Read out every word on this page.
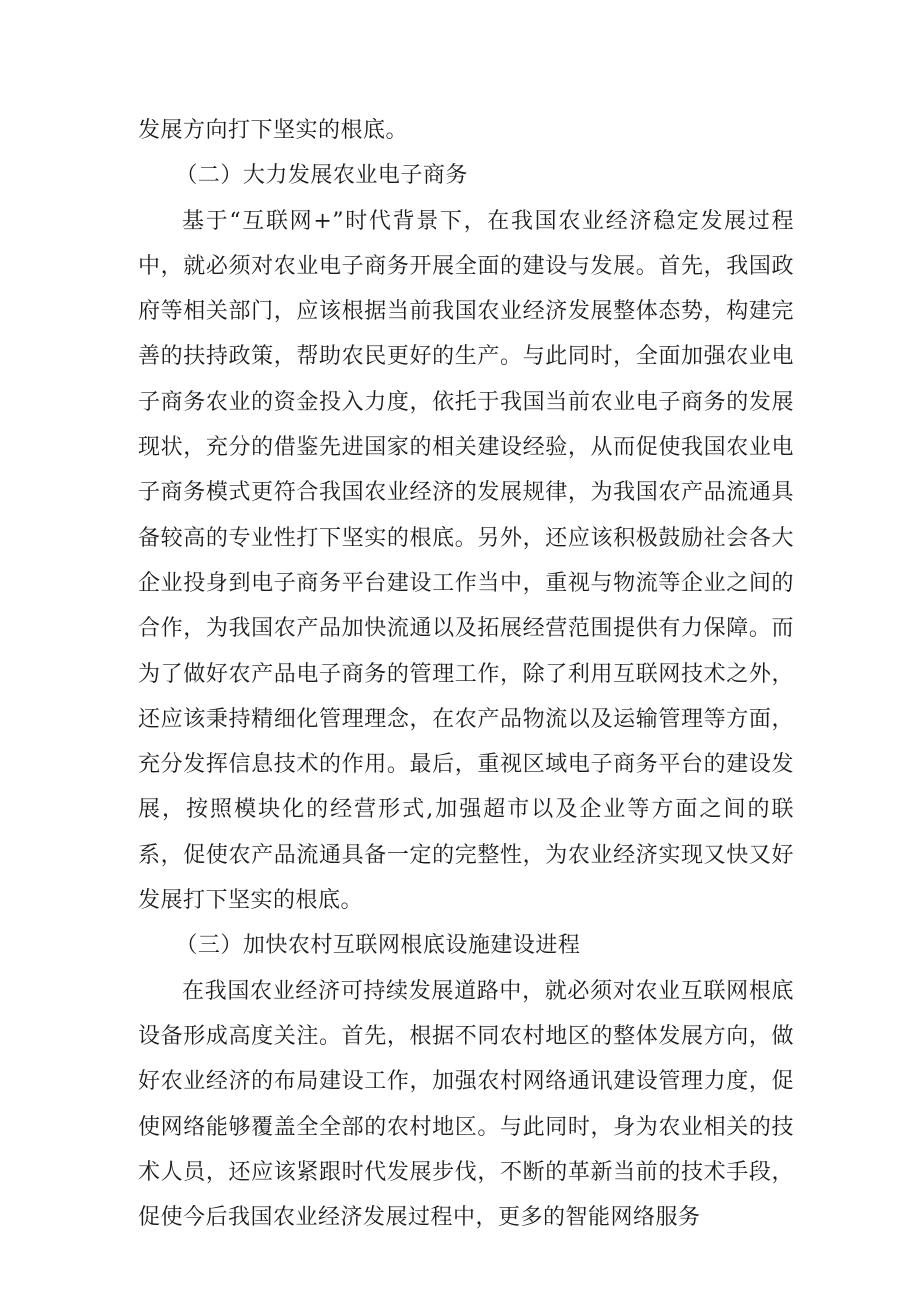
发展方向打下坚实的根底。

（二）大力发展农业电子商务

基于“互联网+”时代背景下，在我国农业经济稳定发展过程中，就必须对农业电子商务开展全面的建设与发展。首先，我国政府等相关部门，应该根据当前我国农业经济发展整体态势，构建完善的扶持政策，帮助农民更好的生产。与此同时，全面加强农业电子商务农业的资金投入力度，依托于我国当前农业电子商务的发展现状，充分的借鉴先进国家的相关建设经验，从而促使我国农业电子商务模式更符合我国农业经济的发展规律，为我国农产品流通具备较高的专业性打下坚实的根底。另外，还应该积极鼓励社会各大企业投身到电子商务平台建设工作当中，重视与物流等企业之间的合作，为我国农产品加快流通以及拓展经营范围提供有力保障。而为了做好农产品电子商务的管理工作，除了利用互联网技术之外，还应该秉持精细化管理理念，在农产品物流以及运输管理等方面，充分发挥信息技术的作用。最后，重视区域电子商务平台的建设发展，按照模块化的经营形式,加强超市以及企业等方面之间的联系，促使农产品流通具备一定的完整性，为农业经济实现又快又好发展打下坚实的根底。

（三）加快农村互联网根底设施建设进程

在我国农业经济可持续发展道路中，就必须对农业互联网根底设备形成高度关注。首先，根据不同农村地区的整体发展方向，做好农业经济的布局建设工作，加强农村网络通讯建设管理力度，促使网络能够覆盖全全部的农村地区。与此同时，身为农业相关的技术人员，还应该紧跟时代发展步伐，不断的革新当前的技术手段，促使今后我国农业经济发展过程中，更多的智能网络服务
